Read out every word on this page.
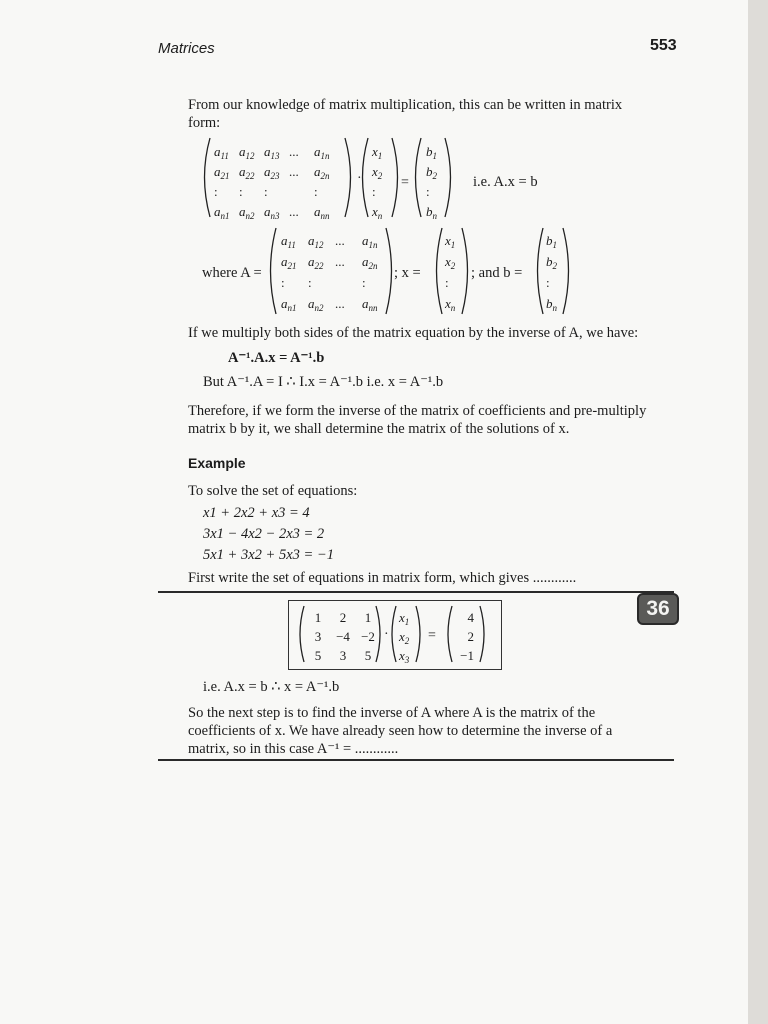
Matrices	553
From our knowledge of matrix multiplication, this can be written in matrix
form:
$a_{11}$ $a_{12}$ $a_{13}$ ... $a_{1n}$
$a_{21}$ $a_{22}$ $a_{23}$ ... $a_{2n}$
: : :	:
$a_{n1}$ $a_{n2}$ $a_{n3}$ ... $a_{nn}$
·
$x_1$
$x_2$
:
$x_n$
=
$b_1$
$b_2$
:
$b_n$
$a_{11}$ $a_{12}$ ... $a_{1n}$
$a_{21}$ $a_{22}$ ... $a_{2n}$
: :	:
$a_{n1}$ $a_{n2}$ ... $a_{nn}$
$x_1$
$x_2$
:
$x_n$
$b_1$
$b_2$
:
$b_n$
i.e. A.x = b
where A =	; x =	; and b =
If we multiply both sides of the matrix equation by the inverse of A, we have:
A⁻¹.A.x = A⁻¹.b
But A⁻¹.A = I ∴ I.x = A⁻¹.b i.e. x = A⁻¹.b
Therefore, if we form the inverse of the matrix of coefficients and pre-multiply
matrix b by it, we shall determine the matrix of the solutions of x.
Example
To solve the set of equations:
x1 + 2x2 + x3 = 4
3x1 − 4x2 − 2x3 = 2
5x1 + 3x2 + 5x3 = −1
First write the set of equations in matrix form, which gives ............
36
1 2 1
3 −4 −2
5 3 5
·
$x_1$
$x_2$
$x_3$
=
4
2
−1
i.e. A.x = b ∴ x = A⁻¹.b
So the next step is to find the inverse of A where A is the matrix of the
coefficients of x. We have already seen how to determine the inverse of a
matrix, so in this case A⁻¹ = ............
